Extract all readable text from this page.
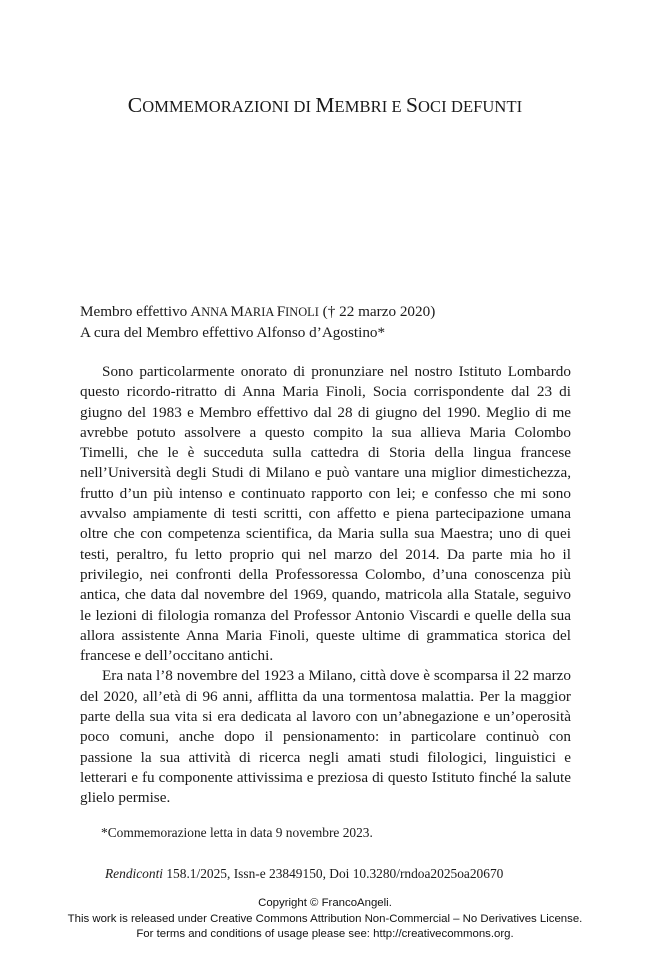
COMMEMORAZIONI DI MEMBRI E SOCI DEFUNTI
Membro effettivo ANNA MARIA FINOLI († 22 marzo 2020)
A cura del Membro effettivo Alfonso d’Agostino*

Sono particolarmente onorato di pronunziare nel nostro Istituto Lombardo questo ricordo-ritratto di Anna Maria Finoli, Socia corrispondente dal 23 di giugno del 1983 e Membro effettivo dal 28 di giugno del 1990. Meglio di me avrebbe potuto assolvere a questo compito la sua allieva Maria Colombo Timelli, che le è succeduta sulla cattedra di Storia della lingua francese nell’Università degli Studi di Milano e può vantare una miglior dimestichezza, frutto d’un più intenso e continuato rapporto con lei; e confesso che mi sono avvalso ampiamente di testi scritti, con affetto e piena partecipazione umana oltre che con competenza scientifica, da Maria sulla sua Maestra; uno di quei testi, peraltro, fu letto proprio qui nel marzo del 2014. Da parte mia ho il privilegio, nei confronti della Professoressa Colombo, d’una conoscenza più antica, che data dal novembre del 1969, quando, matricola alla Statale, seguivo le lezioni di filologia romanza del Professor Antonio Viscardi e quelle della sua allora assistente Anna Maria Finoli, queste ultime di grammatica storica del francese e dell’occitano antichi.

Era nata l’8 novembre del 1923 a Milano, città dove è scomparsa il 22 marzo del 2020, all’età di 96 anni, afflitta da una tormentosa malattia. Per la maggior parte della sua vita si era dedicata al lavoro con un’abnegazione e un’operosità poco comuni, anche dopo il pensionamento: in particolare continuò con passione la sua attività di ricerca negli amati studi filologici, linguistici e letterari e fu componente attivissima e preziosa di questo Istituto finché la salute glielo permise.

*Commemorazione letta in data 9 novembre 2023.
Rendiconti 158.1/2025, Issn-e 23849150, Doi 10.3280/rndoa2025oa20670
Copyright © FrancoAngeli.
This work is released under Creative Commons Attribution Non-Commercial – No Derivatives License.
For terms and conditions of usage please see: http://creativecommons.org.
